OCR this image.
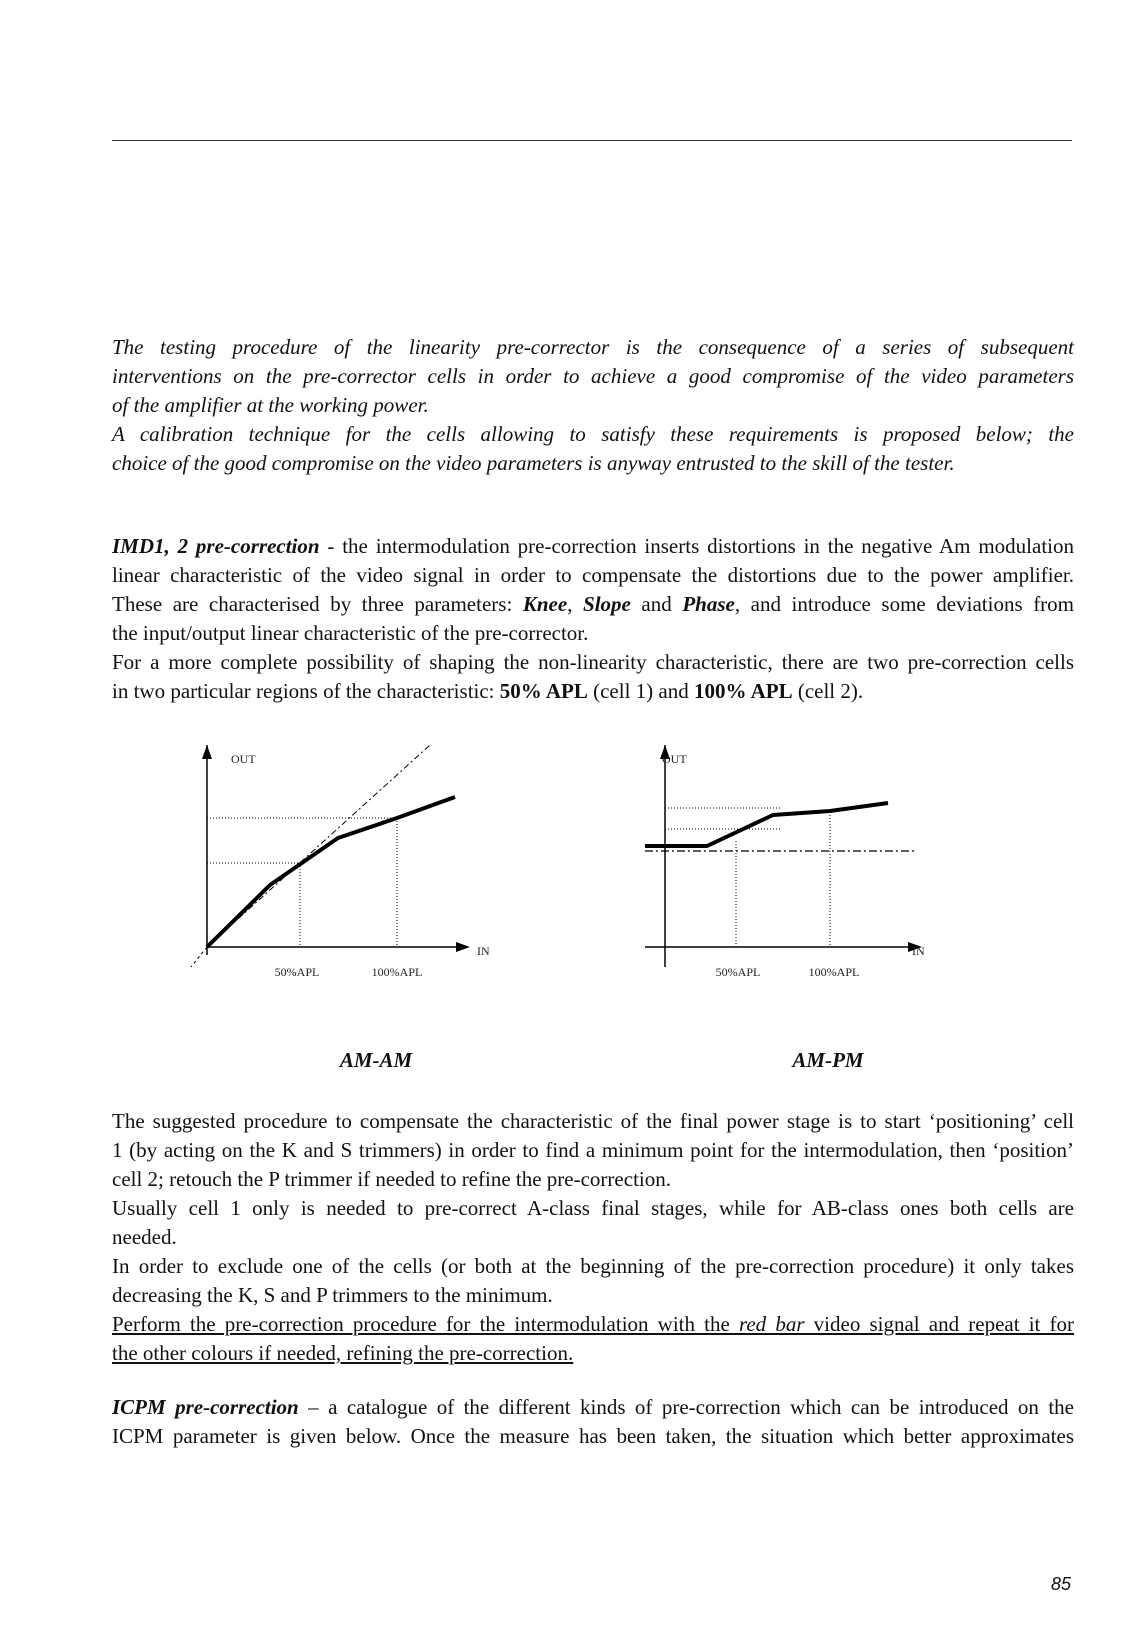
The testing procedure of the linearity pre-corrector is the consequence of a series of subsequent
interventions on the pre-corrector cells in order to achieve a good compromise of the video parameters
of the amplifier at the working power.
A calibration technique for the cells allowing to satisfy these requirements is proposed below; the
choice of the good compromise on the video parameters is anyway entrusted to the skill of the tester.
IMD1, 2 pre-correction - the intermodulation pre-correction inserts distortions in the negative Am modulation
linear characteristic of the video signal in order to compensate the distortions due to the power amplifier.
These are characterised by three parameters: Knee, Slope and Phase, and introduce some deviations from
the input/output linear characteristic of the pre-corrector.
For a more complete possibility of shaping the non-linearity characteristic, there are two pre-correction cells
in two particular regions of the characteristic: 50% APL (cell 1) and 100% APL (cell 2).
OUT
IN
50%APL	100%APL
AM-AM
OUT
IN
50%APL	100%APL
AM-PM
The suggested procedure to compensate the characteristic of the final power stage is to start ‘positioning’ cell
1 (by acting on the K and S trimmers) in order to find a minimum point for the intermodulation, then ‘position’
cell 2; retouch the P trimmer if needed to refine the pre-correction.
Usually cell 1 only is needed to pre-correct A-class final stages, while for AB-class ones both cells are
needed.
In order to exclude one of the cells (or both at the beginning of the pre-correction procedure) it only takes
decreasing the K, S and P trimmers to the minimum.
Perform the pre-correction procedure for the intermodulation with the red bar video signal and repeat it for
the other colours if needed, refining the pre-correction.
ICPM pre-correction – a catalogue of the different kinds of pre-correction which can be introduced on the
ICPM parameter is given below. Once the measure has been taken, the situation which better approximates
85
